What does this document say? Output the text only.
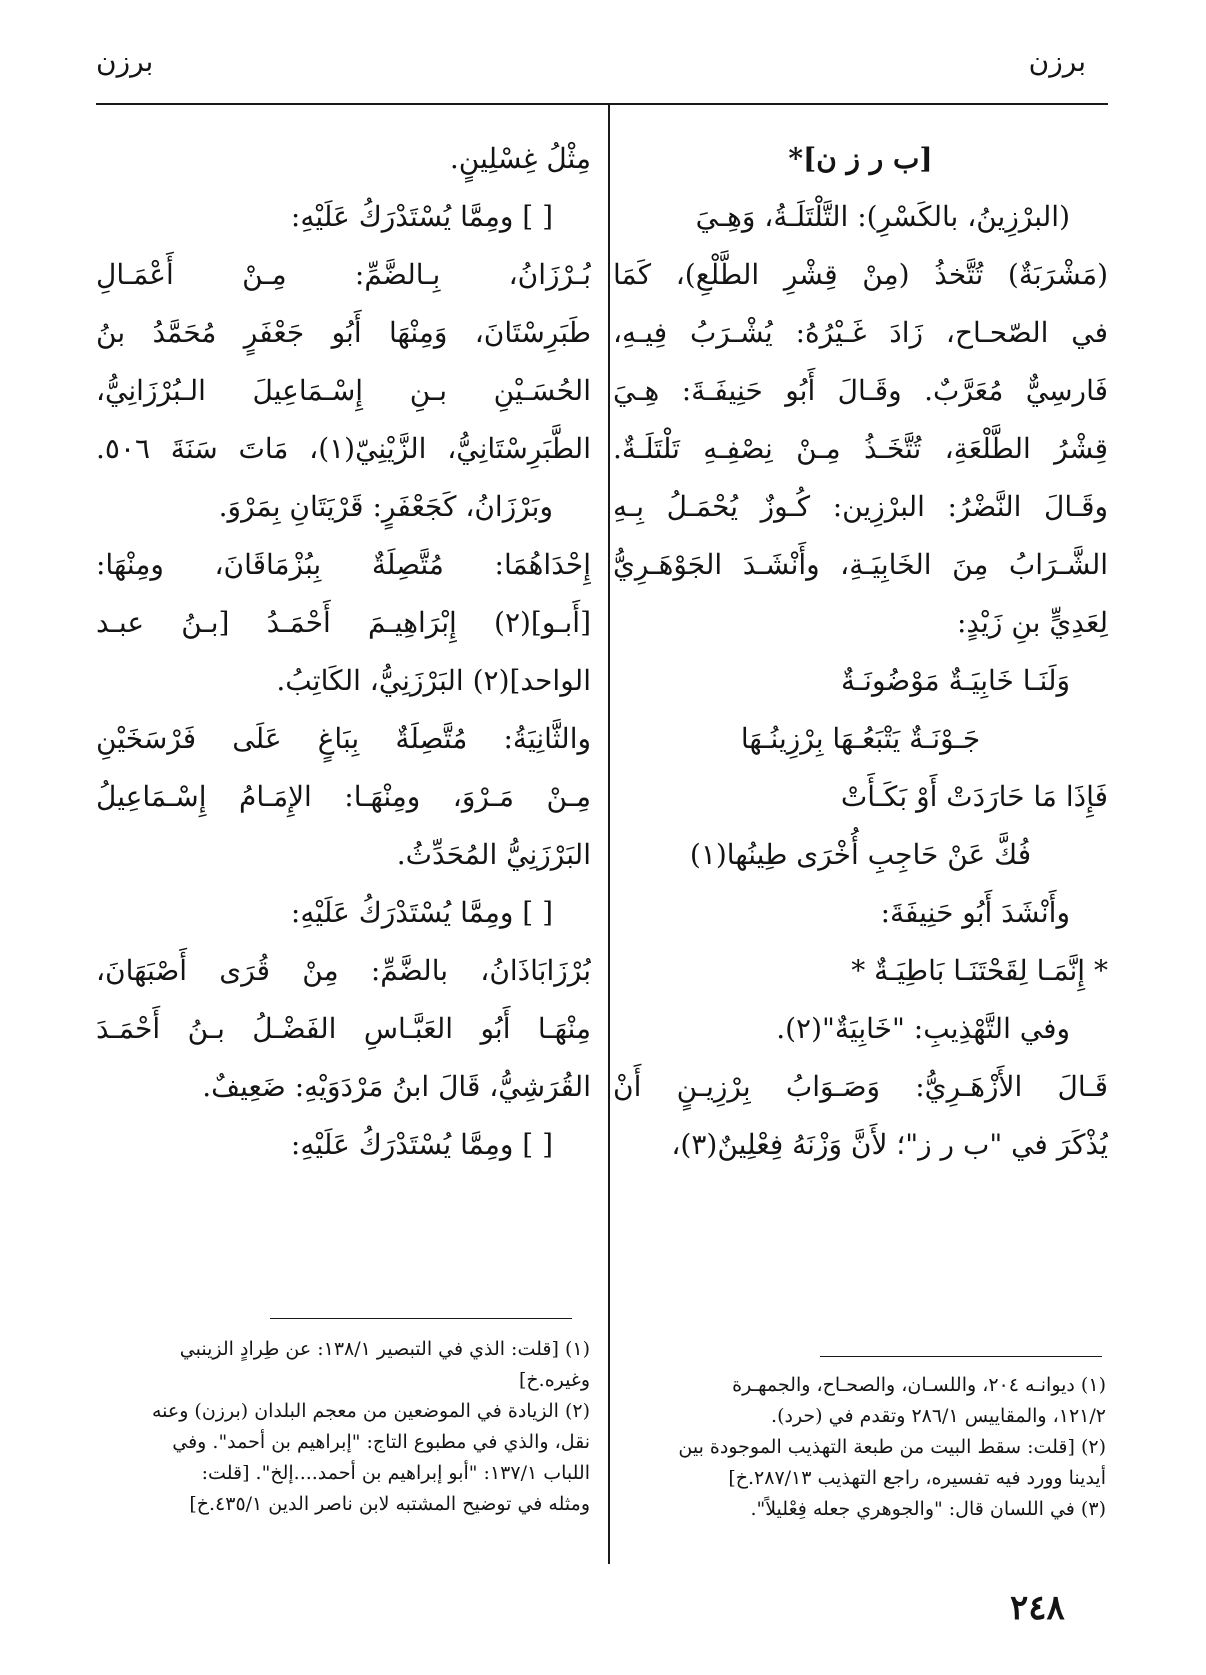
برزن	برزن
[ب ر ز ن]*
(البرْزِينُ، بالكَسْرِ): التَّلْتَلَـةُ، وَهِـيَ
(مَشْرَبَةٌ) تُتَّخذُ (مِنْ قِشْرِ الطَّلْعِ)، كَمَا
في الصّحـاح، زَادَ غَـيْرُهُ: يُشْـرَبُ فِيـهِ،
فَارسِيٌّ مُعَرَّبٌ. وقَـالَ أَبُو حَنِيفَـةَ: هِـيَ
قِشْرُ الطَّلْعَةِ، تُتَّخَـذُ مِـنْ نِصْفِـهِ تَلْتَلَـةٌ.
وقَـالَ النَّضْرُ: البرْزِين: كُـوزٌ يُحْمَـلُ بِـهِ
الشَّـرَابُ مِنَ الخَابِيَـةِ، وأَنْشَـدَ الجَوْهَـرِيُّ
لِعَدِيٍّ بنِ زَيْدٍ:
وَلَنَـا خَابِيَـةٌ مَوْضُونَـةٌ
جَـوْنَـةٌ يَتْبَعُـهَا بِرْزِينُـهَا
فَإِذَا مَا حَارَدَتْ أَوْ بَكَـأَتْ
فُكَّ عَنْ حَاجِبِ أُخْرَى طِينُها(١)
وأَنْشَدَ أَبُو حَنِيفَةَ:
* إِنَّمَـا لِقَحْتَنَـا بَاطِيَـةٌ *
وفي التَّهْذِيبِ: "خَابِيَةٌ"(٢).
قَـالَ الأَزْهَـرِيُّ: وَصَـوَابُ بِرْزِيـنٍ أَنْ
يُذْكَرَ في "ب ر ز"؛ لأَنَّ وَزْنَهُ فِعْلِينٌ(٣)،
مِثْلُ غِسْلِينٍ.
[ ] ومِمَّا يُسْتَدْرَكُ عَلَيْهِ:
بُـرْزَانُ، بِـالضَّمِّ: مِـنْ أَعْمَـالِ
طَبَرِسْتَانَ، وَمِنْهَا أَبُو جَعْفَرٍ مُحَمَّدُ بنُ
الحُسَـيْنِ بـنِ إِسْـمَاعِيلَ الـبُرْزَانِيُّ،
الطَّبَرِسْتَانِيُّ، الزَّيْنِيّ(١)، مَاتَ سَنَةَ ٥٠٦.
وبَرْزَانُ، كَجَعْفَرٍ: قَرْيَتَانِ بِمَرْوَ.
إِحْدَاهُمَا: مُتَّصِلَةٌ بِبُزْمَاقَانَ، ومِنْهَا:
[أَبـو](٢) إِبْرَاهِيـمَ أَحْمَـدُ [بـنُ عبـد
الواحد](٢) البَرْزَنِيُّ، الكَاتِبُ.
والثَّانِيَةُ: مُتَّصِلَةٌ بِبَاغٍ عَلَى فَرْسَخَيْنِ
مِـنْ مَـرْوَ، ومِنْهَـا: الإِمَـامُ إِسْـمَاعِيلُ
البَرْزَنِيُّ المُحَدِّثُ.
[ ] ومِمَّا يُسْتَدْرَكُ عَلَيْهِ:
بُرْزَابَاذَانُ، بالضَّمِّ: مِنْ قُرَى أَصْبَهَانَ،
مِنْهَـا أَبُو العَبَّـاسِ الفَضْـلُ بـنُ أَحْمَـدَ
القُرَشِيُّ، قَالَ ابنُ مَرْدَوَيْهِ: ضَعِيفٌ.
[ ] ومِمَّا يُسْتَدْرَكُ عَلَيْهِ:
(١) ديوانـه ٢٠٤، واللسـان، والصحـاح، والجمهـرة
١٢١/٢، والمقاييس ٢٨٦/١ وتقدم في (حرد).
(٢) [قلت: سقط البيت من طبعة التهذيب الموجودة بين
أيدينا وورد فيه تفسيره، راجع التهذيب ٢٨٧/١٣.خ]
(٣) في اللسان قال: "والجوهري جعله فِعْليلاً".
(١) [قلت: الذي في التبصير ١٣٨/١: عن طِرادٍ الزينبي
وغيره.خ]
(٢) الزيادة في الموضعين من معجم البلدان (برزن) وعنه
نقل، والذي في مطبوع التاج: "إبراهيم بن أحمد". وفي
اللباب ١٣٧/١: "أبو إبراهيم بن أحمد....إلخ". [قلت:
ومثله في توضيح المشتبه لابن ناصر الدين ٤٣٥/١.خ]
٢٤٨
